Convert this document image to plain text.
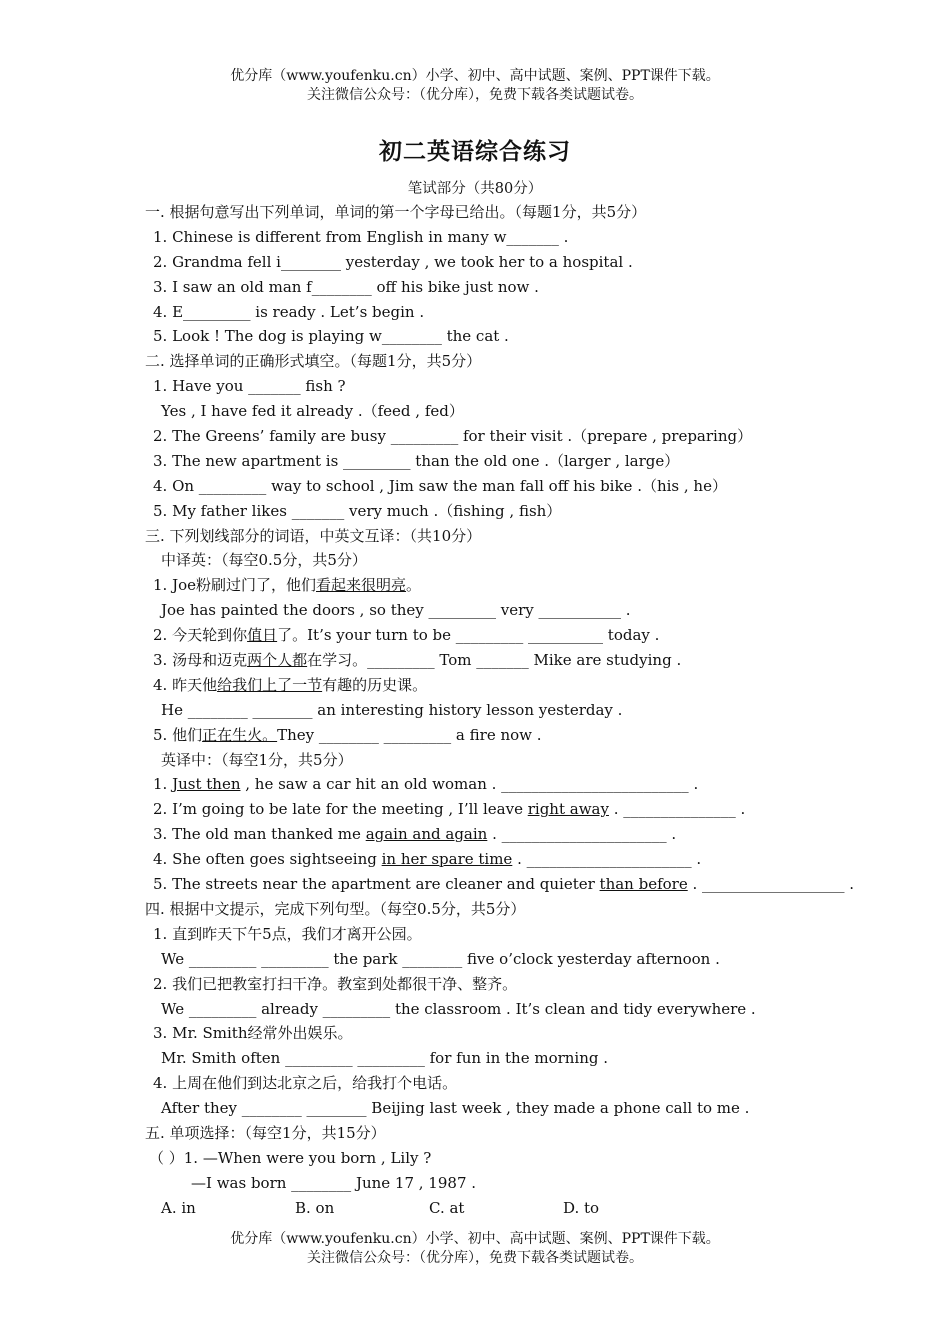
优分库（www.youfenku.cn）小学、初中、高中试题、案例、PPT课件下载。
关注微信公众号：（优分库），免费下载各类试题试卷。
初二英语综合练习
笔试部分（共80分）
一. 根据句意写出下列单词，单词的第一个字母已给出。（每题1分，共5分）
1. Chinese is different from English in many w_______ .
2. Grandma fell i________ yesterday , we took her to a hospital .
3. I saw an old man f________ off his bike just now .
4. E_________ is ready . Let’s begin .
5. Look ! The dog is playing w________ the cat .
二. 选择单词的正确形式填空。（每题1分，共5分）
1. Have you _______ fish ?
Yes , I have fed it already .（feed , fed）
2. The Greens’ family are busy _________ for their visit .（prepare , preparing）
3. The new apartment is _________ than the old one .（larger , large）
4. On _________ way to school , Jim saw the man fall off his bike .（his , he）
5. My father likes _______ very much .（fishing , fish）
三. 下列划线部分的词语，中英文互译：（共10分）
中译英：（每空0.5分，共5分）
1. Joe粉刷过门了，他们看起来很明亮。
Joe has painted the doors , so they _________ very ___________ .
2. 今天轮到你值日了。It’s your turn to be _________ __________ today .
3. 汤母和迈克两个人都在学习。_________ Tom _______ Mike are studying .
4. 昨天他给我们上了一节有趣的历史课。
He ________ ________ an interesting history lesson yesterday .
5. 他们正在生火。They ________ _________ a fire now .
英译中：（每空1分，共5分）
1. Just then , he saw a car hit an old woman . _________________________ .
2. I’m going to be late for the meeting , I’ll leave right away . _______________ .
3. The old man thanked me again and again . ______________________ .
4. She often goes sightseeing in her spare time . ______________________ .
5. The streets near the apartment are cleaner and quieter than before . ___________________ .
四. 根据中文提示，完成下列句型。（每空0.5分，共5分）
1. 直到昨天下午5点，我们才离开公园。
We _________ _________ the park ________ five o’clock yesterday afternoon .
2. 我们已把教室打扫干净。教室到处都很干净、整齐。
We _________ already _________ the classroom . It’s clean and tidy everywhere .
3. Mr. Smith经常外出娱乐。
Mr. Smith often _________ _________ for fun in the morning .
4. 上周在他们到达北京之后，给我打个电话。
After they ________ ________ Beijing last week , they made a phone call to me .
五. 单项选择：（每空1分，共15分）
（ ）1. —When were you born , Lily ?
—I was born ________ June 17 , 1987 .
A. in	B. on	C. at	D. to
优分库（www.youfenku.cn）小学、初中、高中试题、案例、PPT课件下载。
关注微信公众号：（优分库），免费下载各类试题试卷。
